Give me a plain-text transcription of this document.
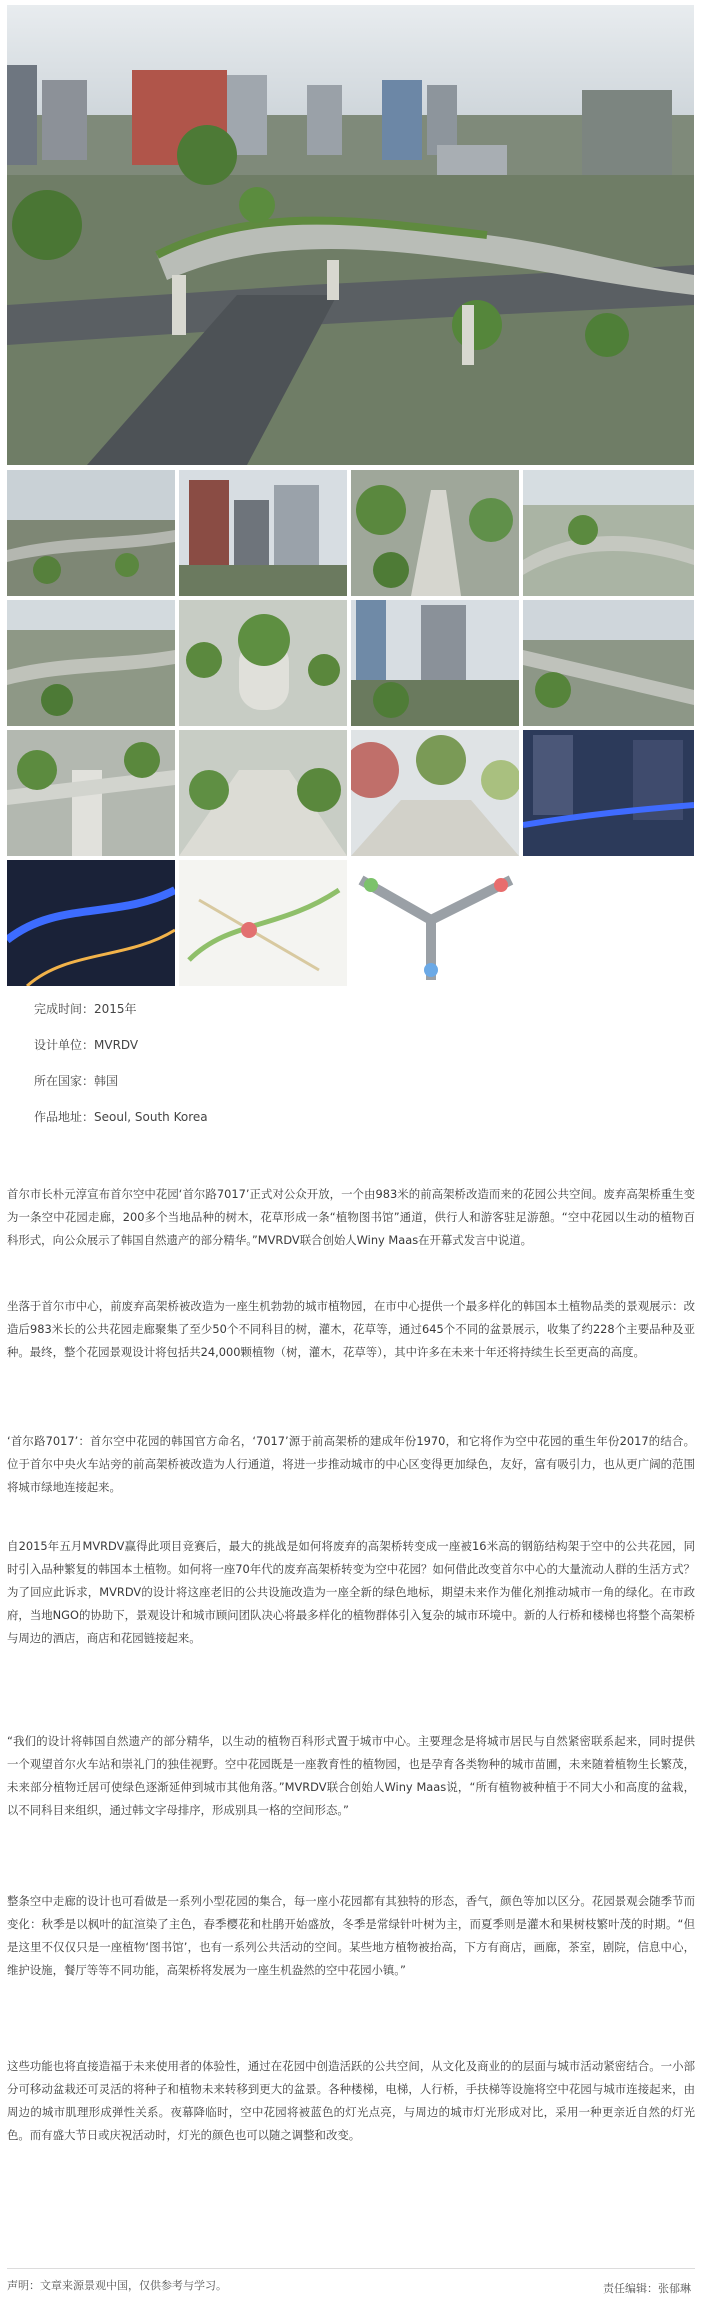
完成时间：2015年
设计单位：MVRDV
所在国家：韩国
作品地址：Seoul, South Korea

首尔市长朴元淳宣布首尔空中花园‘首尔路7017’正式对公众开放，一个由983米的前高架桥改造而来的花园公共空间。废弃高架桥重生变为一条空中花园走廊，200多个当地品种的树木，花草形成一条“植物图书馆”通道，供行人和游客驻足游憩。“空中花园以生动的植物百科形式，向公众展示了韩国自然遗产的部分精华。”MVRDV联合创始人Winy Maas在开幕式发言中说道。

坐落于首尔市中心，前废弃高架桥被改造为一座生机勃勃的城市植物园，在市中心提供一个最多样化的韩国本土植物品类的景观展示：改造后983米长的公共花园走廊聚集了至少50个不同科目的树，灌木，花草等，通过645个不同的盆景展示，收集了约228个主要品种及亚种。最终，整个花园景观设计将包括共24,000颗植物（树，灌木，花草等），其中许多在未来十年还将持续生长至更高的高度。

‘首尔路7017’：首尔空中花园的韩国官方命名，‘7017’源于前高架桥的建成年份1970，和它将作为空中花园的重生年份2017的结合。位于首尔中央火车站旁的前高架桥被改造为人行通道，将进一步推动城市的中心区变得更加绿色，友好，富有吸引力，也从更广阔的范围将城市绿地连接起来。

自2015年五月MVRDV赢得此项目竞赛后，最大的挑战是如何将废弃的高架桥转变成一座被16米高的钢筋结构架于空中的公共花园，同时引入品种繁复的韩国本土植物。如何将一座70年代的废弃高架桥转变为空中花园？如何借此改变首尔中心的大量流动人群的生活方式？为了回应此诉求，MVRDV的设计将这座老旧的公共设施改造为一座全新的绿色地标，期望未来作为催化剂推动城市一角的绿化。在市政府，当地NGO的协助下，景观设计和城市顾问团队决心将最多样化的植物群体引入复杂的城市环境中。新的人行桥和楼梯也将整个高架桥与周边的酒店，商店和花园链接起来。

“我们的设计将韩国自然遗产的部分精华，以生动的植物百科形式置于城市中心。主要理念是将城市居民与自然紧密联系起来，同时提供一个观望首尔火车站和崇礼门的独佳视野。空中花园既是一座教育性的植物园，也是孕育各类物种的城市苗圃，未来随着植物生长繁茂，未来部分植物迁居可使绿色逐渐延伸到城市其他角落。”MVRDV联合创始人Winy Maas说，“所有植物被种植于不同大小和高度的盆栽，以不同科目来组织，通过韩文字母排序，形成别具一格的空间形态。”

整条空中走廊的设计也可看做是一系列小型花园的集合，每一座小花园都有其独特的形态，香气，颜色等加以区分。花园景观会随季节而变化：秋季是以枫叶的缸渲染了主色，春季樱花和杜鹃开始盛放，冬季是常绿针叶树为主，而夏季则是灌木和果树枝繁叶茂的时期。“但是这里不仅仅只是一座植物‘图书馆’，也有一系列公共活动的空间。某些地方植物被抬高，下方有商店，画廊，茶室，剧院，信息中心，维护设施，餐厅等等不同功能，高架桥将发展为一座生机盎然的空中花园小镇。”

这些功能也将直接造福于未来使用者的体验性，通过在花园中创造活跃的公共空间，从文化及商业的的层面与城市活动紧密结合。一小部分可移动盆栽还可灵活的将种子和植物未来转移到更大的盆景。各种楼梯，电梯，人行桥，手扶梯等设施将空中花园与城市连接起来，由周边的城市肌理形成弹性关系。夜幕降临时，空中花园将被蓝色的灯光点亮，与周边的城市灯光形成对比，采用一种更亲近自然的灯光色。而有盛大节日或庆祝活动时，灯光的颜色也可以随之调整和改变。

声明：文章来源景观中国，仅供参考与学习。	责任编辑：张郁琳
